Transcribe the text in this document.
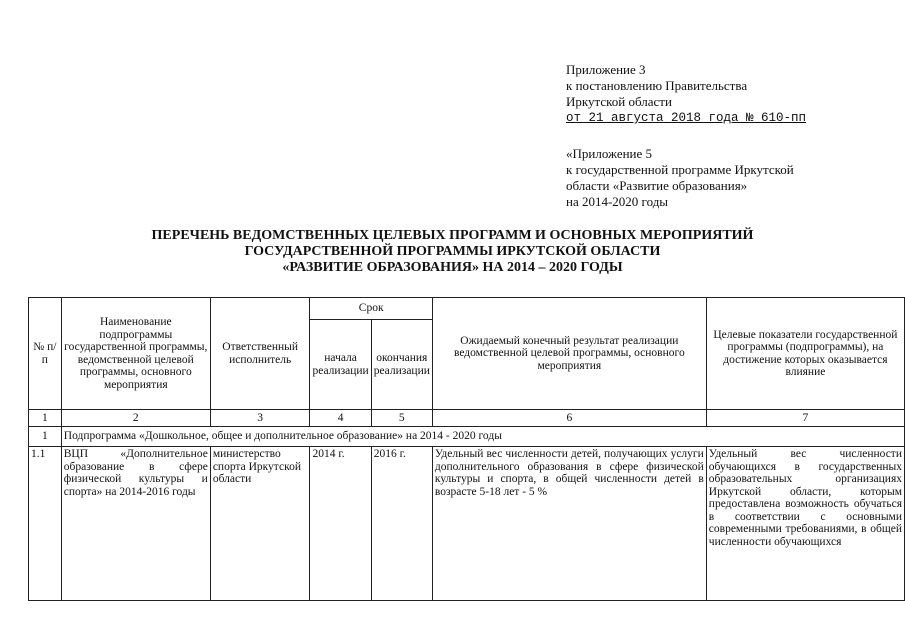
Приложение 3
к постановлению Правительства
Иркутской области
от 21 августа 2018 года № 610-пп
«Приложение 5
к государственной программе Иркутской
области «Развитие образования»
на 2014-2020 годы
ПЕРЕЧЕНЬ ВЕДОМСТВЕННЫХ ЦЕЛЕВЫХ ПРОГРАММ И ОСНОВНЫХ МЕРОПРИЯТИЙ
ГОСУДАРСТВЕННОЙ ПРОГРАММЫ ИРКУТСКОЙ ОБЛАСТИ
«РАЗВИТИЕ ОБРАЗОВАНИЯ» НА 2014 – 2020 ГОДЫ
№ п/п	Наименование подпрограммы государственной программы, ведомственной целевой программы, основного мероприятия	Ответственный исполнитель	Срок		Ожидаемый конечный результат реализации ведомственной целевой программы, основного мероприятия	Целевые показатели государственной программы (подпрограммы), на достижение которых оказывается влияние
			начала реализации	окончания реализации		
1	2	3	4	5	6	7
1	Подпрограмма «Дошкольное, общее и дополнительное образование» на 2014 - 2020 годы					
1.1	ВЦП «Дополнительное образование в сфере физической культуры и спорта» на 2014-2016 годы	министерство спорта Иркутской области	2014 г.	2016 г.	Удельный вес численности детей, получающих услуги дополнительного образования в сфере физической культуры и спорта, в общей численности детей в возрасте 5-18 лет - 5 %	Удельный вес численности обучающихся в государственных образовательных организациях Иркутской области, которым предоставлена возможность обучаться в соответствии с основными современными требованиями, в общей численности обучающихся
